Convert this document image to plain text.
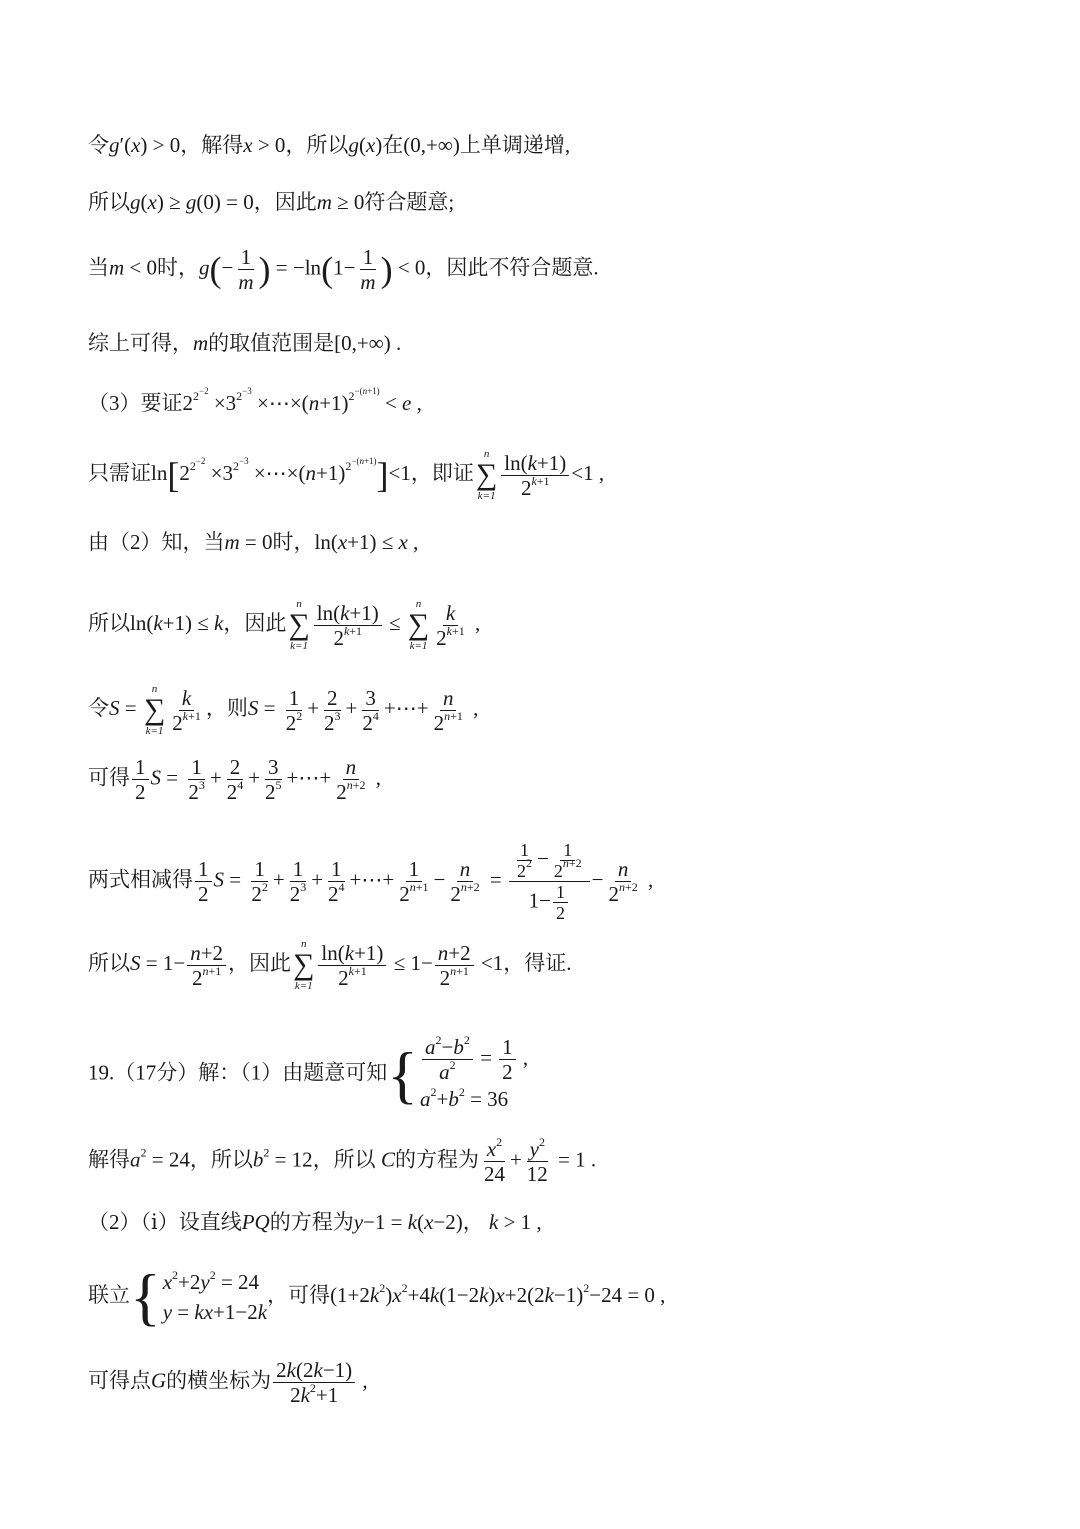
令g′(x) > 0，解得x > 0，所以g(x)在(0,+∞)上单调递增,
所以g(x) ≥ g(0) = 0，因此m ≥ 0符合题意;
当m < 0时，$g(- \frac{1}{m}$ ) = $-\ln(1- \frac{1}{m}$ ) < 0，因此不符合题意.
综上可得，m的取值范围是[0,+∞) .
（3）要证$2^{2^{-2}} \times 3^{2^{-3}}$ $\times\cdots\times(n+1)^{2^{-(n+1)}} < e$ ,
只需证$\ln[2^{2^{-2}} \times 3^{2^{-3}}$ $\times\cdots\times(n+1)^{2^{-(n+1)}}]<1$，即证
n
∑
$k=1 \frac{\ln(k+1)}{2^{k+1}} <1$ ,
由（2）知，当m = 0时，ln(x+1) ≤ x ,
所以ln(k+1) ≤ k，因此
n
∑
$k=1 \frac{\ln(k+1)}{2^{k+1}}$ ≤
n
∑
$k=1 \frac{k}{2^{k+1}}$ ,
令S =
n
∑
$k=1 \frac{k}{2^{k+1}}$ ，则$S = \frac{1}{2^2} + \frac{2}{2^3} + \frac{3}{2^4}$ +⋯+ $\frac{n}{2^{n+1}}$ ,
可得 $\frac{1}{2}$ $S = \frac{1}{2^3} + \frac{2}{2^4} + \frac{3}{2^5}$ +⋯+ $\frac{n}{2^{n+2}}$ ,
两式相减得 $\frac{1}{2}$ $S = \frac{1}{2^2} + \frac{1}{2^3} + \frac{1}{2^4}$ +⋯+ $\frac{1}{2^{n+1}} - \frac{n}{2^{n+2}} = \frac{\frac{1}{2^2} - \frac{1}{2^{n+2}}}{1- \frac{1}{2}} - \frac{n}{2^{n+2}}$ ,
所以$S = 1- \frac{n+2}{2^{n+1}}$ ，因此
n
∑
$k=1 \frac{\ln(k+1)}{2^{k+1}} \le 1- \frac{n+2}{2^{n+1}} <1$，得证.
19.（17分）解：（1）由题意可知{ $\frac{a^2-b^2}{a^2} = \frac{1}{2}$ ,
$a^2+b^2 = 36$
解得$a^2 = 24$，所以$b^2 = 12$，所以 C的方程为 $\frac{x^2}{24} + \frac{y^2}{12} = 1$ .
（2）（ⅰ）设直线PQ的方程为y−1 = k(x−2)， k > 1 ,
联立{ $x^2+2y^2 = 24$
y = kx+1−2k
，可得$(1+2k^2)x^2+4k(1-2k)x+2(2k-1)^2-24 = 0$ ,
可得点G的横坐标为 $\frac{2k(2k-1)}{2k^2+1}$ ,
